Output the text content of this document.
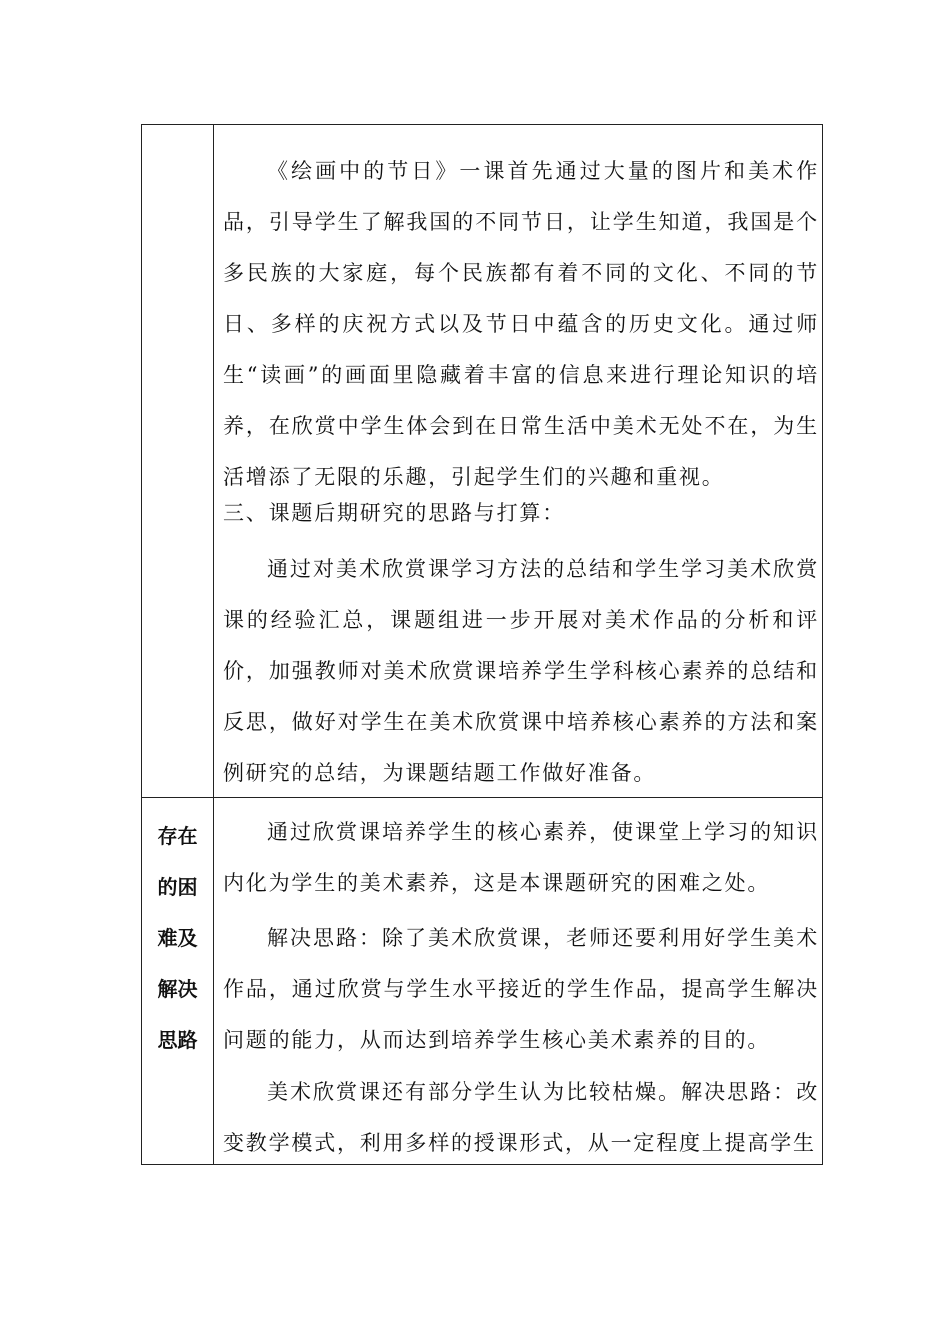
《绘画中的节日》一课首先通过大量的图片和美术作品，引导学生了解我国的不同节日，让学生知道，我国是个多民族的大家庭，每个民族都有着不同的文化、不同的节日、多样的庆祝方式以及节日中蕴含的历史文化。通过师生“读画”的画面里隐藏着丰富的信息来进行理论知识的培养，在欣赏中学生体会到在日常生活中美术无处不在，为生活增添了无限的乐趣，引起学生们的兴趣和重视。
三、课题后期研究的思路与打算：
通过对美术欣赏课学习方法的总结和学生学习美术欣赏课的经验汇总，课题组进一步开展对美术作品的分析和评价，加强教师对美术欣赏课培养学生学科核心素养的总结和反思，做好对学生在美术欣赏课中培养核心素养的方法和案例研究的总结，为课题结题工作做好准备。
存在
的困
难及
解决
思路
通过欣赏课培养学生的核心素养，使课堂上学习的知识内化为学生的美术素养，这是本课题研究的困难之处。
解决思路：除了美术欣赏课，老师还要利用好学生美术作品，通过欣赏与学生水平接近的学生作品，提高学生解决问题的能力，从而达到培养学生核心美术素养的目的。
美术欣赏课还有部分学生认为比较枯燥。解决思路：改变教学模式，利用多样的授课形式，从一定程度上提高学生
